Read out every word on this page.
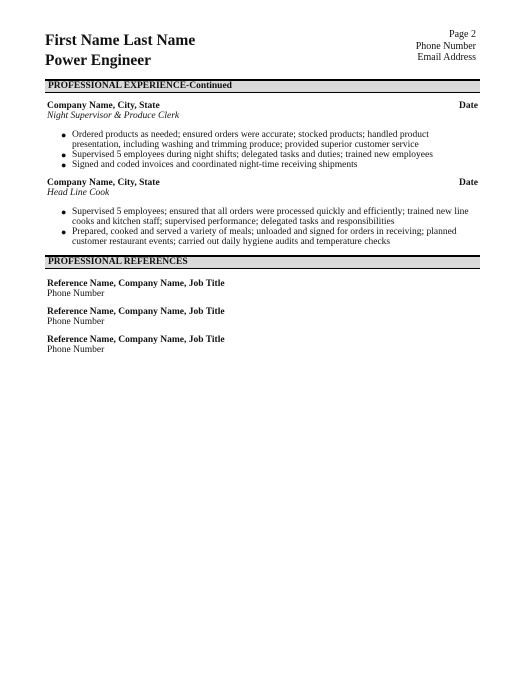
First Name Last Name
Power Engineer
Page 2
Phone Number
Email Address
PROFESSIONAL EXPERIENCE-Continued
Company Name, City, State	Date
Night Supervisor & Produce Clerk
● Ordered products as needed; ensured orders were accurate; stocked products; handled product presentation, including washing and trimming produce; provided superior customer service
● Supervised 5 employees during night shifts; delegated tasks and duties; trained new employees
● Signed and coded invoices and coordinated night-time receiving shipments
Company Name, City, State	Date
Head Line Cook
● Supervised 5 employees; ensured that all orders were processed quickly and efficiently; trained new line cooks and kitchen staff; supervised performance; delegated tasks and responsibilities
● Prepared, cooked and served a variety of meals; unloaded and signed for orders in receiving; planned customer restaurant events; carried out daily hygiene audits and temperature checks
PROFESSIONAL REFERENCES
Reference Name, Company Name, Job Title
Phone Number
Reference Name, Company Name, Job Title
Phone Number
Reference Name, Company Name, Job Title
Phone Number
